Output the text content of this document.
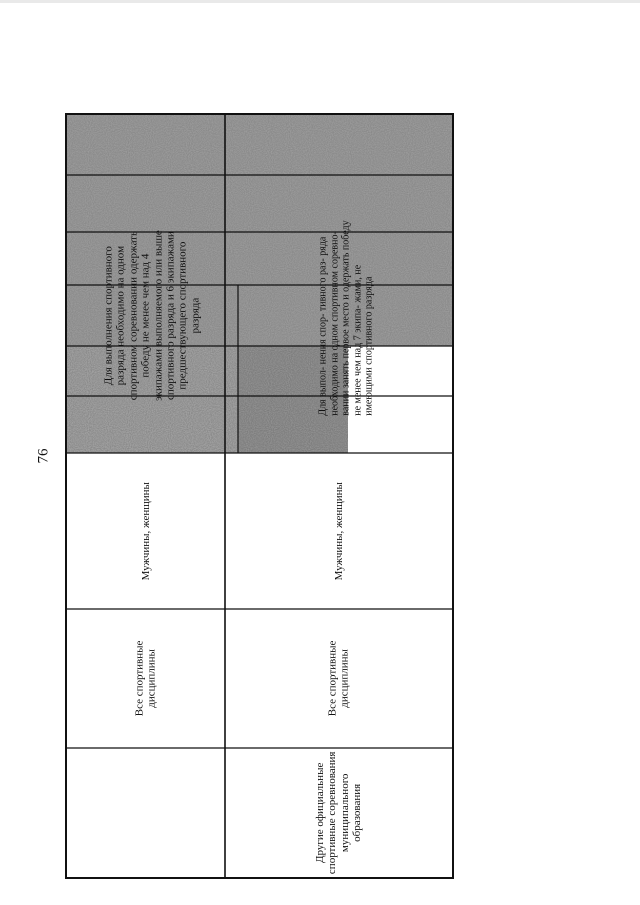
76
Для выполнения спортивного разряда необходимо на одном спортивном соревновании одержать победу не менее чем над 4 экипажами выполняемого или выше спортивного разряда и 6 экипажами предшествующего спортивного разряда
Мужчины, женщины
Все спортивные дисциплины
Для выпол- нения спор- тивного раз- ряда необходимо на одном спортивном соревно- вании занять первое место и одержать победу не менее чем над 7 экипа- жами, не имеющими спортивного разряда
Мужчины, женщины
Все спортивные дисциплины
Другие официальные спортивные соревнования муниципального образования
